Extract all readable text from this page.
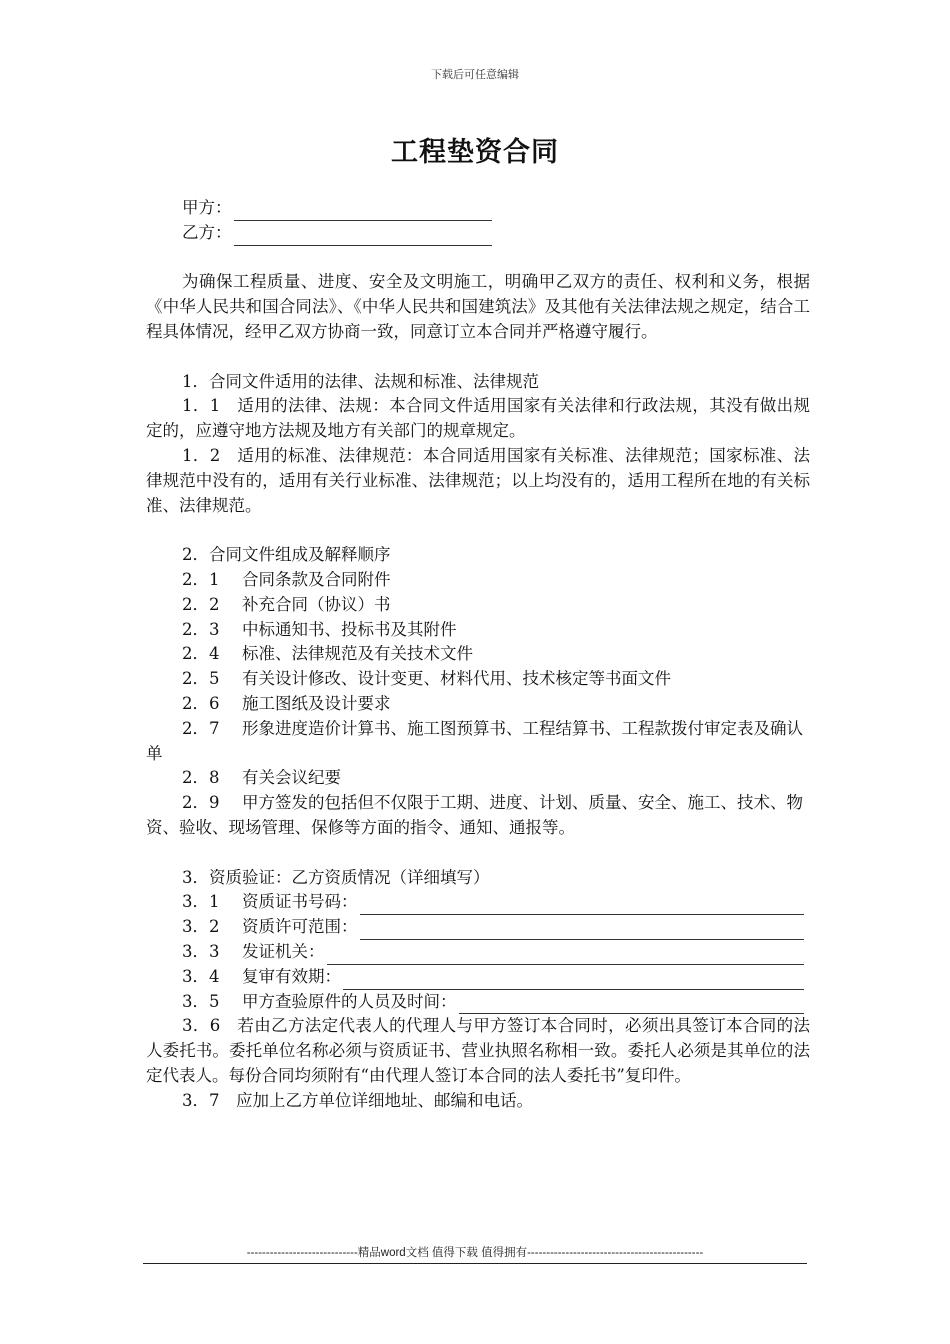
下载后可任意编辑
工程垫资合同
甲方：
乙方：
为确保工程质量、进度、安全及文明施工，明确甲乙双方的责任、权利和义务，根据《中华人民共和国合同法》、《中华人民共和国建筑法》及其他有关法律法规之规定，结合工程具体情况，经甲乙双方协商一致，同意订立本合同并严格遵守履行。
1．合同文件适用的法律、法规和标准、法律规范
1．1　适用的法律、法规：本合同文件适用国家有关法律和行政法规，其没有做出规定的，应遵守地方法规及地方有关部门的规章规定。
1．2　适用的标准、法律规范：本合同适用国家有关标准、法律规范；国家标准、法律规范中没有的，适用有关行业标准、法律规范；以上均没有的，适用工程所在地的有关标准、法律规范。
2．合同文件组成及解释顺序
2．1 合同条款及合同附件
2．2 补充合同（协议）书
2．3 中标通知书、投标书及其附件
2．4 标准、法律规范及有关技术文件
2．5 有关设计修改、设计变更、材料代用、技术核定等书面文件
2．6 施工图纸及设计要求
2．7 形象进度造价计算书、施工图预算书、工程结算书、工程款拨付审定表及确认单
2．8 有关会议纪要
2．9 甲方签发的包括但不仅限于工期、进度、计划、质量、安全、施工、技术、物资、验收、现场管理、保修等方面的指令、通知、通报等。
3．资质验证：乙方资质情况（详细填写）
3．1	资质证书号码：
3．2	资质许可范围：
3．3	发证机关：
3．4	复审有效期：
3．5	甲方查验原件的人员及时间：
3．6　若由乙方法定代表人的代理人与甲方签订本合同时，必须出具签订本合同的法人委托书。委托单位名称必须与资质证书、营业执照名称相一致。委托人必须是其单位的法定代表人。每份合同均须附有“由代理人签订本合同的法人委托书”复印件。
3．7　应加上乙方单位详细地址、邮编和电话。
-----------------------------精品word文档 值得下载 值得拥有----------------------------------------------
